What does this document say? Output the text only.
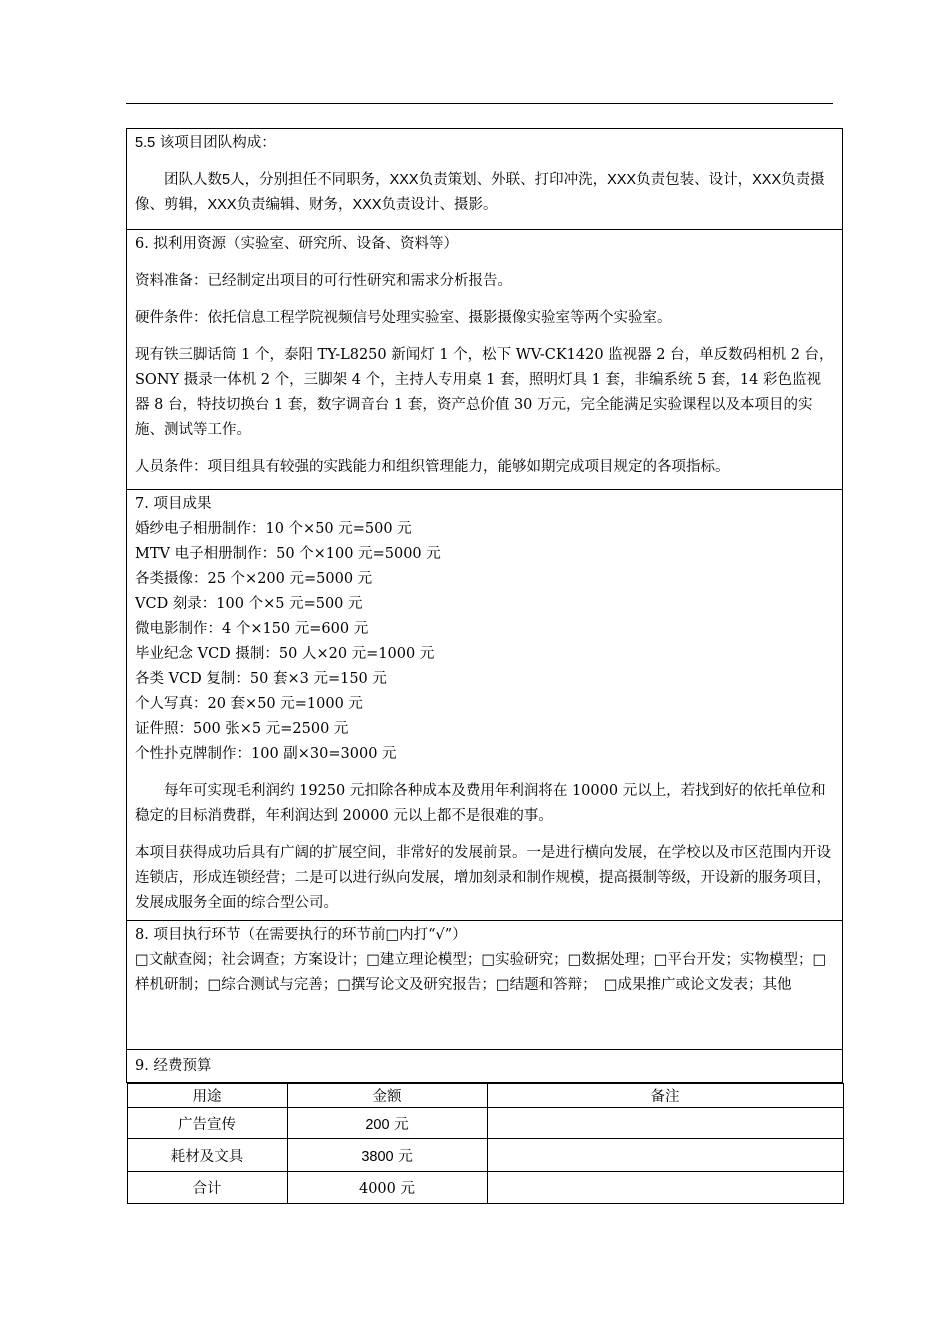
5.5 该项目团队构成：

团队人数5人，分别担任不同职务，XXX负责策划、外联、打印冲洗，XXX负责包装、设计，XXX负责摄像、剪辑，XXX负责编辑、财务，XXX负责设计、摄影。

6. 拟利用资源（实验室、研究所、设备、资料等）

资料准备：已经制定出项目的可行性研究和需求分析报告。

硬件条件：依托信息工程学院视频信号处理实验室、摄影摄像实验室等两个实验室。

现有铁三脚话筒 1 个，泰阳 TY-L8250 新闻灯 1 个，松下 WV-CK1420 监视器 2 台，单反数码相机 2 台，SONY 摄录一体机 2 个，三脚架 4 个，主持人专用桌 1 套，照明灯具 1 套，非编系统 5 套，14 彩色监视器 8 台，特技切换台 1 套，数字调音台 1 套，资产总价值 30 万元，完全能满足实验课程以及本项目的实施、测试等工作。

人员条件：项目组具有较强的实践能力和组织管理能力，能够如期完成项目规定的各项指标。

7. 项目成果

婚纱电子相册制作：10 个×50 元=500 元

MTV 电子相册制作：50 个×100 元=5000 元

各类摄像：25 个×200 元=5000 元

VCD 刻录：100 个×5 元=500 元

微电影制作：4 个×150 元=600 元

毕业纪念 VCD 摄制：50 人×20 元=1000 元

各类 VCD 复制：50 套×3 元=150 元

个人写真：20 套×50 元=1000 元

证件照：500 张×5 元=2500 元

个性扑克牌制作：100 副×30=3000 元

每年可实现毛利润约 19250 元扣除各种成本及费用年利润将在 10000 元以上，若找到好的依托单位和稳定的目标消费群，年利润达到 20000 元以上都不是很难的事。

本项目获得成功后具有广阔的扩展空间，非常好的发展前景。一是进行横向发展，在学校以及市区范围内开设连锁店，形成连锁经营；二是可以进行纵向发展，增加刻录和制作规模，提高摄制等级，开设新的服务项目，发展成服务全面的综合型公司。

8. 项目执行环节（在需要执行的环节前□内打“√”）

□文献查阅；社会调查；方案设计；□建立理论模型；□实验研究；□数据处理；□平台开发；实物模型；□样机研制；□综合测试与完善；□撰写论文及研究报告；□结题和答辩；　□成果推广或论文发表；其他

9. 经费预算

用途	金额	备注
广告宣传	200 元	
耗材及文具	3800 元	
合计	4000 元	
